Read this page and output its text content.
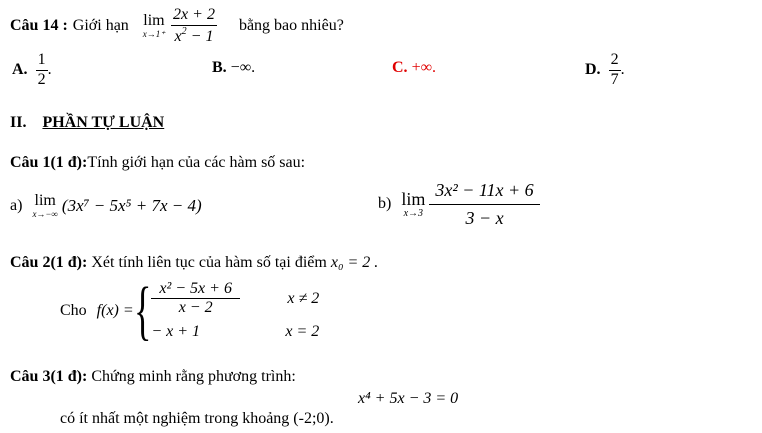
Câu 14 : Giới hạn lim
$x\to 1^+ \frac{2x + 2}{x^2 - 1}$ bằng bao nhiêu?
A. $\frac{1}{2}$ .	B. −∞.	C. +∞.	D. $\frac{2}{7}$ .
II. PHẦN TỰ LUẬN
Câu 1(1 đ):Tính giới hạn của các hàm số sau:
a) lim
x→−∞ (3x⁷ − 5x⁵ + 7x − 4)	b) lim
$x\to 3 \frac{\text{3x² − 11x + 6}}{3 - x}$
Câu 2(1 đ): Xét tính liên tục của hàm số tại điểm x₀ = 2 .
Cho f(x) = { $\frac{\text{x² − 5x + 6}}{x - 2}$	x ≠ 2
− x + 1	x = 2
Câu 3(1 đ): Chứng minh rằng phương trình:
x⁴ + 5x − 3 = 0
có ít nhất một nghiệm trong khoảng (-2;0).
